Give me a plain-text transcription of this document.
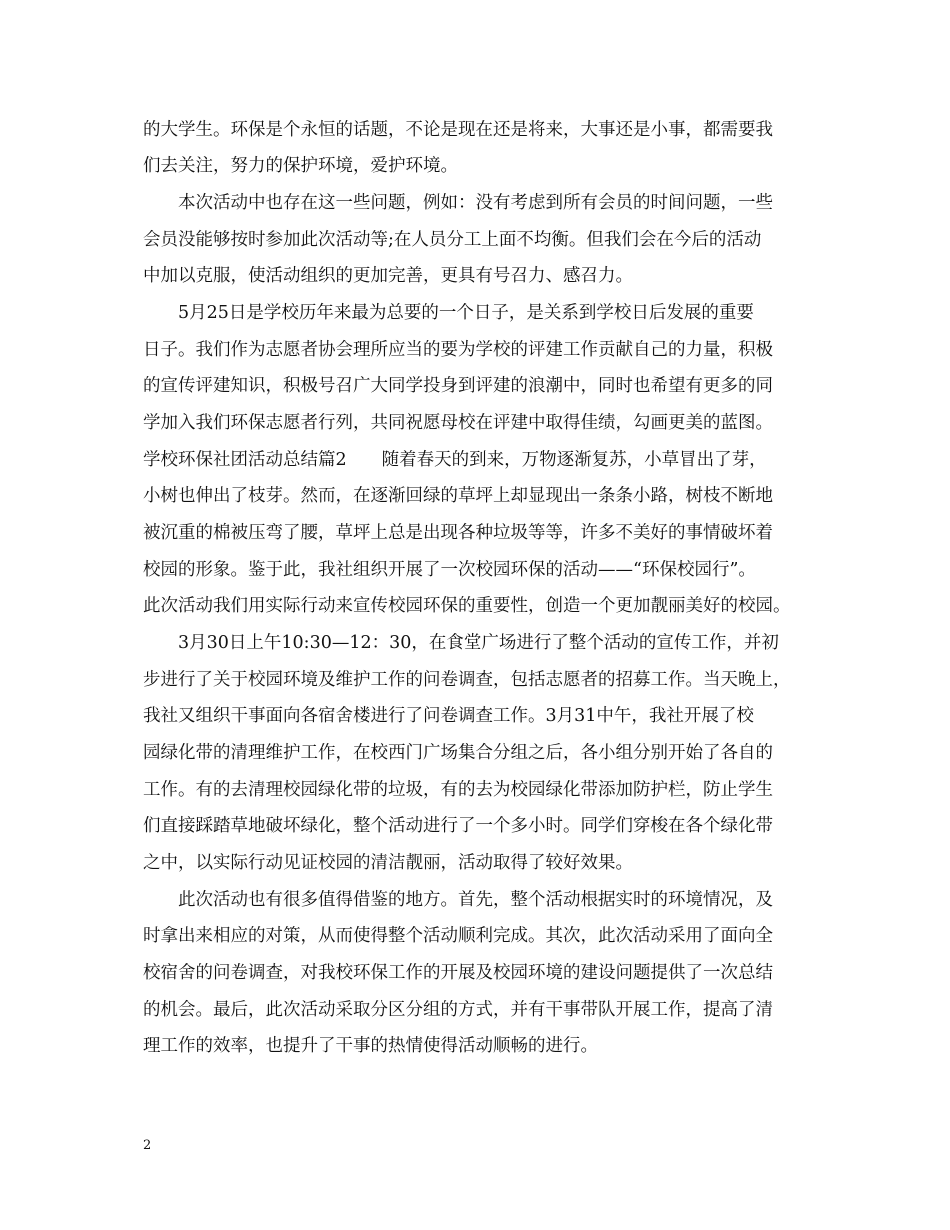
的大学生。环保是个永恒的话题，不论是现在还是将来，大事还是小事，都需要我
们去关注，努力的保护环境，爱护环境。
　　本次活动中也存在这一些问题，例如：没有考虑到所有会员的时间问题，一些
会员没能够按时参加此次活动等;在人员分工上面不均衡。但我们会在今后的活动
中加以克服，使活动组织的更加完善，更具有号召力、感召力。
　　5月25日是学校历年来最为总要的一个日子，是关系到学校日后发展的重要
日子。我们作为志愿者协会理所应当的要为学校的评建工作贡献自己的力量，积极
的宣传评建知识，积极号召广大同学投身到评建的浪潮中，同时也希望有更多的同
学加入我们环保志愿者行列，共同祝愿母校在评建中取得佳绩，勾画更美的蓝图。
学校环保社团活动总结篇2　　随着春天的到来，万物逐渐复苏，小草冒出了芽，
小树也伸出了枝芽。然而，在逐渐回绿的草坪上却显现出一条条小路，树枝不断地
被沉重的棉被压弯了腰，草坪上总是出现各种垃圾等等，许多不美好的事情破坏着
校园的形象。鉴于此，我社组织开展了一次校园环保的活动——“环保校园行”。
此次活动我们用实际行动来宣传校园环保的重要性，创造一个更加靓丽美好的校园。
　　3月30日上午10:30—12：30，在食堂广场进行了整个活动的宣传工作，并初
步进行了关于校园环境及维护工作的问卷调查，包括志愿者的招募工作。当天晚上，
我社又组织干事面向各宿舍楼进行了问卷调查工作。3月31中午，我社开展了校
园绿化带的清理维护工作，在校西门广场集合分组之后，各小组分别开始了各自的
工作。有的去清理校园绿化带的垃圾，有的去为校园绿化带添加防护栏，防止学生
们直接踩踏草地破坏绿化，整个活动进行了一个多小时。同学们穿梭在各个绿化带
之中，以实际行动见证校园的清洁靓丽，活动取得了较好效果。
　　此次活动也有很多值得借鉴的地方。首先，整个活动根据实时的环境情况，及
时拿出来相应的对策，从而使得整个活动顺利完成。其次，此次活动采用了面向全
校宿舍的问卷调查，对我校环保工作的开展及校园环境的建设问题提供了一次总结
的机会。最后，此次活动采取分区分组的方式，并有干事带队开展工作，提高了清
理工作的效率，也提升了干事的热情使得活动顺畅的进行。
2
